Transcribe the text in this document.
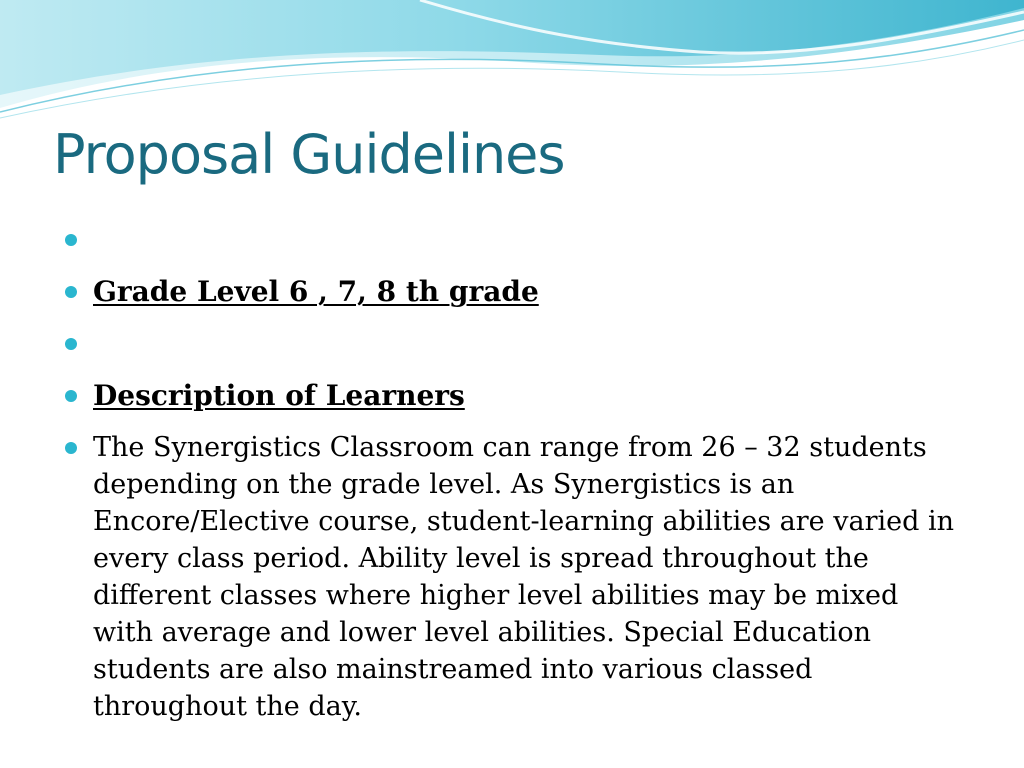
Proposal Guidelines
Grade Level 6 , 7, 8 th grade
Description of Learners
The Synergistics Classroom can range from 26 – 32 students depending on the grade level. As Synergistics is an Encore/Elective course, student-learning abilities are varied in every class period. Ability level is spread throughout the different classes where higher level abilities may be mixed with average and lower level abilities. Special Education students are also mainstreamed into various classed throughout the day.
